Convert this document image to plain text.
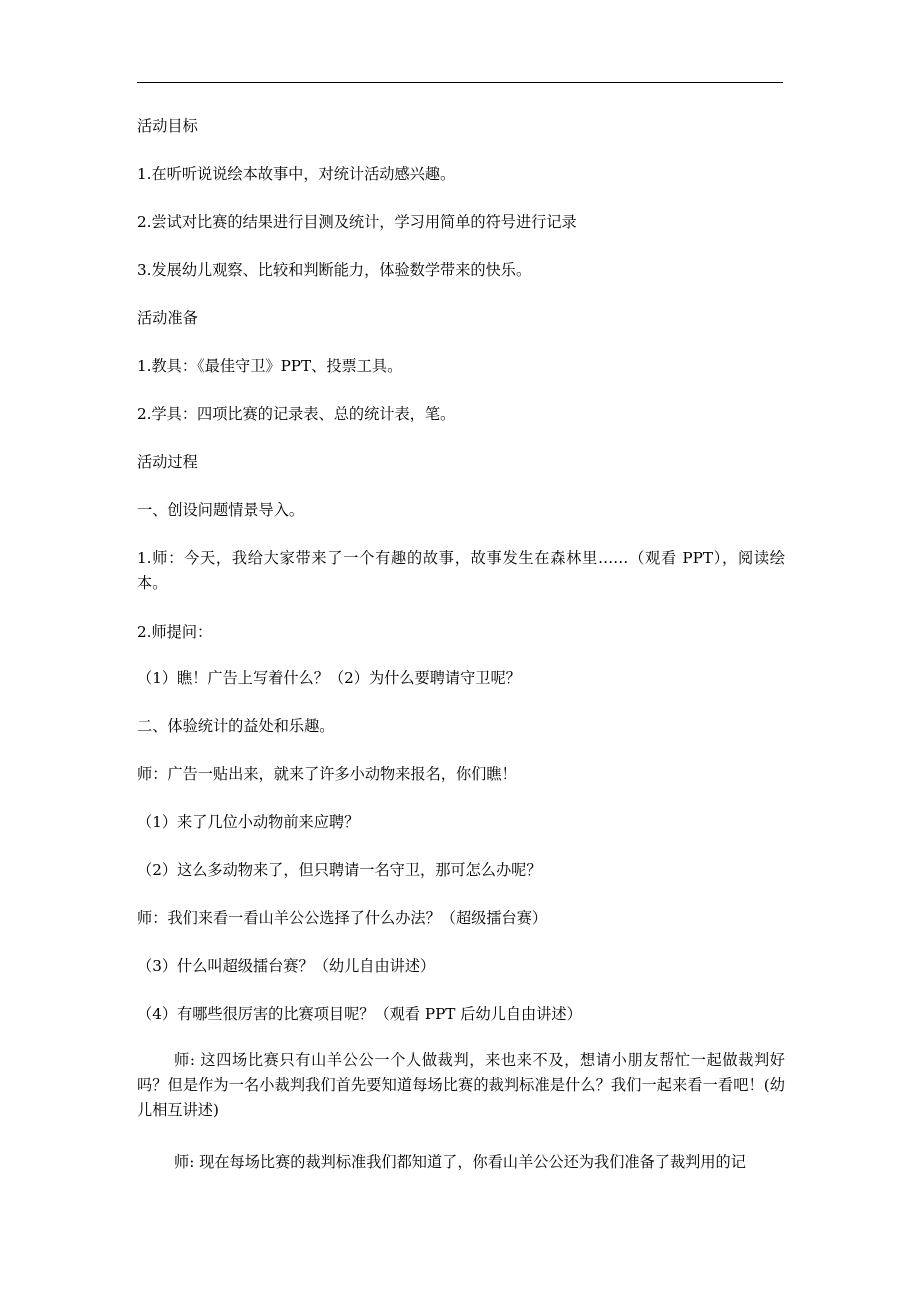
活动目标
1.在听听说说绘本故事中，对统计活动感兴趣。
2.尝试对比赛的结果进行目测及统计，学习用简单的符号进行记录
3.发展幼儿观察、比较和判断能力，体验数学带来的快乐。
活动准备
1.教具：《最佳守卫》PPT、投票工具。
2.学具：四项比赛的记录表、总的统计表，笔。
活动过程
一、创设问题情景导入。
1.师：今天，我给大家带来了一个有趣的故事，故事发生在森林里……（观看 PPT），阅读绘本。
2.师提问：
（1）瞧！广告上写着什么？（2）为什么要聘请守卫呢？
二、体验统计的益处和乐趣。
师：广告一贴出来，就来了许多小动物来报名，你们瞧！
（1）来了几位小动物前来应聘？
（2）这么多动物来了，但只聘请一名守卫，那可怎么办呢？
师：我们来看一看山羊公公选择了什么办法？（超级擂台赛）
（3）什么叫超级擂台赛？（幼儿自由讲述）
（4）有哪些很厉害的比赛项目呢？（观看 PPT 后幼儿自由讲述）
师: 这四场比赛只有山羊公公一个人做裁判，来也来不及，想请小朋友帮忙一起做裁判好吗？但是作为一名小裁判我们首先要知道每场比赛的裁判标准是什么？我们一起来看一看吧！(幼儿相互讲述)
师: 现在每场比赛的裁判标准我们都知道了，你看山羊公公还为我们准备了裁判用的记
